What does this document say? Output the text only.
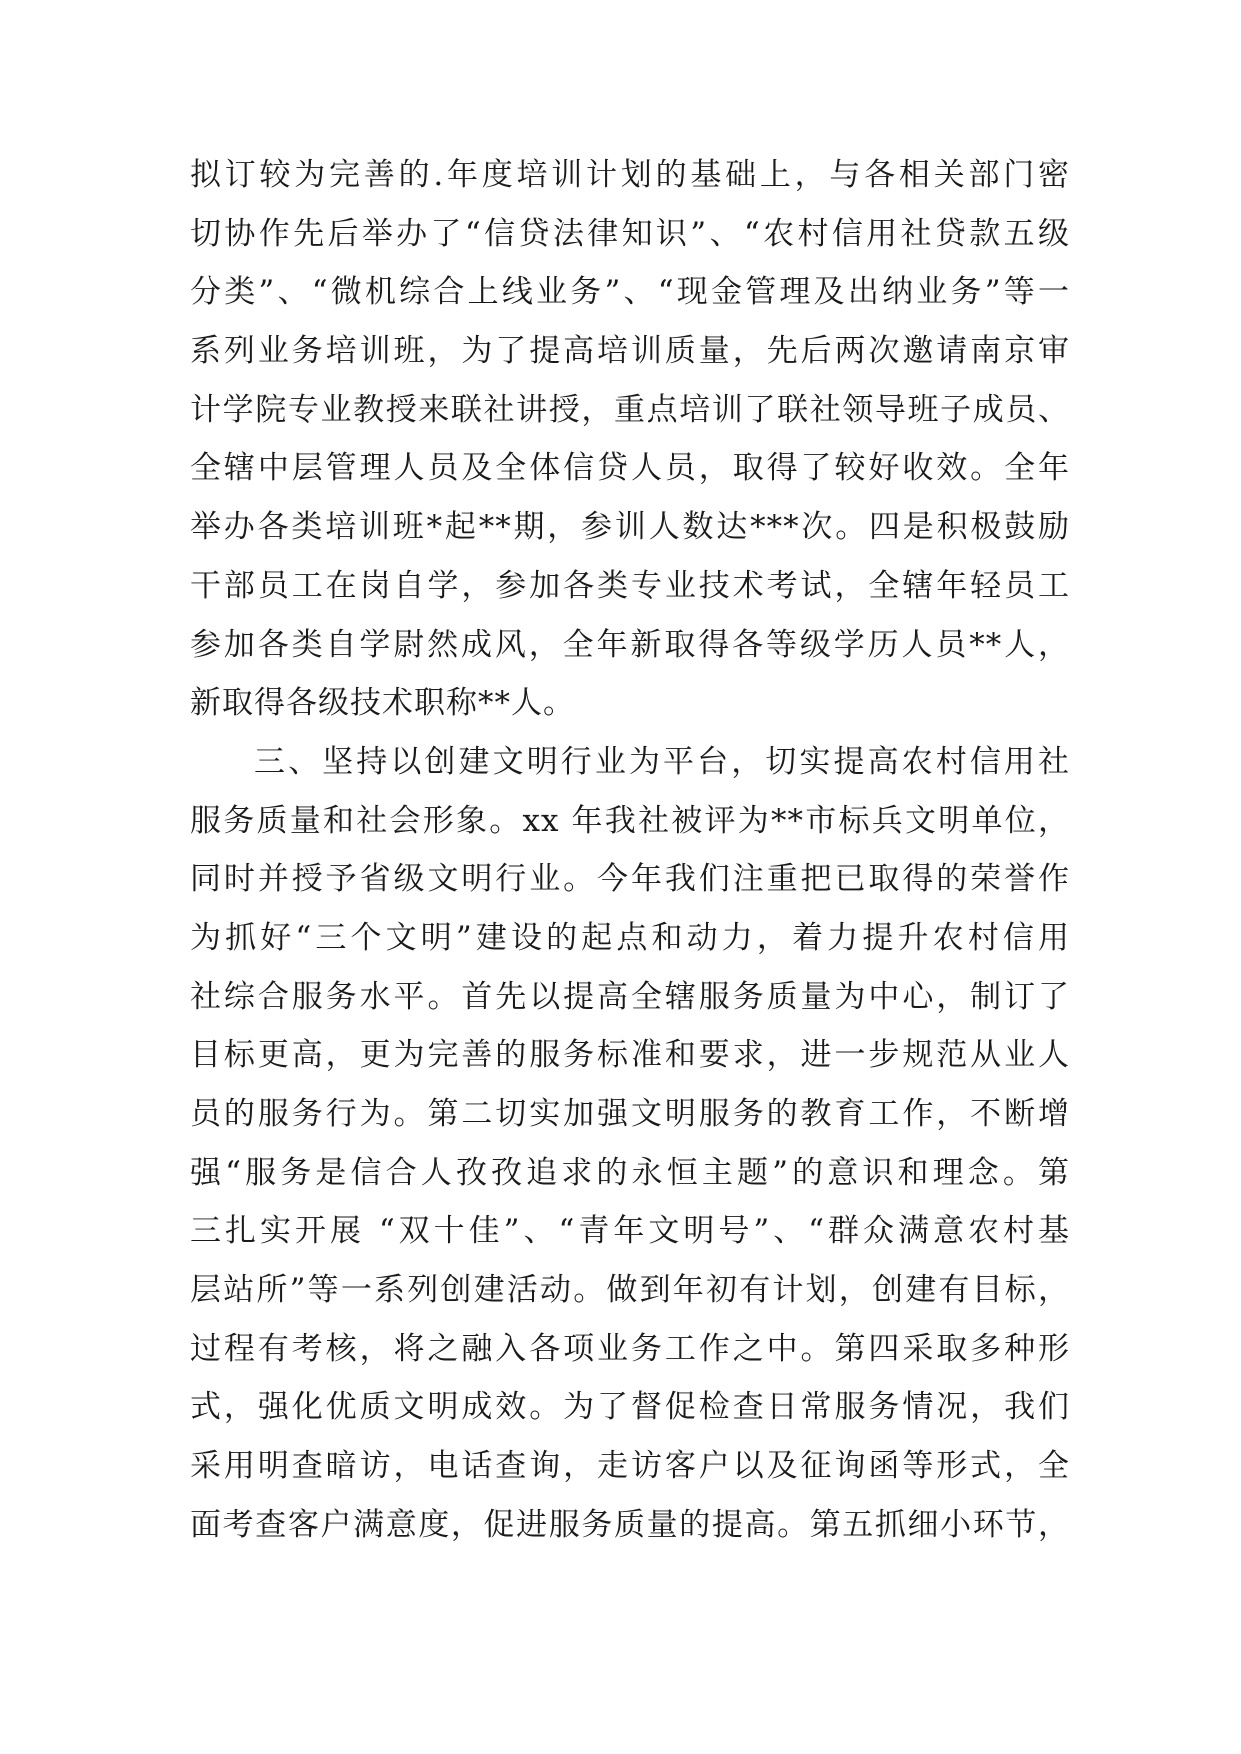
拟订较为完善的.年度培训计划的基础上，与各相关部门密
切协作先后举办了“信贷法律知识”、“农村信用社贷款五级
分类”、“微机综合上线业务”、“现金管理及出纳业务”等一
系列业务培训班，为了提高培训质量，先后两次邀请南京审
计学院专业教授来联社讲授，重点培训了联社领导班子成员、
全辖中层管理人员及全体信贷人员，取得了较好收效。全年
举办各类培训班*起**期，参训人数达***次。四是积极鼓励
干部员工在岗自学，参加各类专业技术考试，全辖年轻员工
参加各类自学尉然成风，全年新取得各等级学历人员**人，
新取得各级技术职称**人。
三、坚持以创建文明行业为平台，切实提高农村信用社
服务质量和社会形象。xx 年我社被评为**市标兵文明单位，
同时并授予省级文明行业。今年我们注重把已取得的荣誉作
为抓好“三个文明”建设的起点和动力，着力提升农村信用
社综合服务水平。首先以提高全辖服务质量为中心，制订了
目标更高，更为完善的服务标准和要求，进一步规范从业人
员的服务行为。第二切实加强文明服务的教育工作，不断增
强“服务是信合人孜孜追求的永恒主题”的意识和理念。第
三扎实开展 “双十佳”、“青年文明号”、“群众满意农村基
层站所”等一系列创建活动。做到年初有计划，创建有目标，
过程有考核，将之融入各项业务工作之中。第四采取多种形
式，强化优质文明成效。为了督促检查日常服务情况，我们
采用明查暗访，电话查询，走访客户以及征询函等形式，全
面考查客户满意度，促进服务质量的提高。第五抓细小环节，
